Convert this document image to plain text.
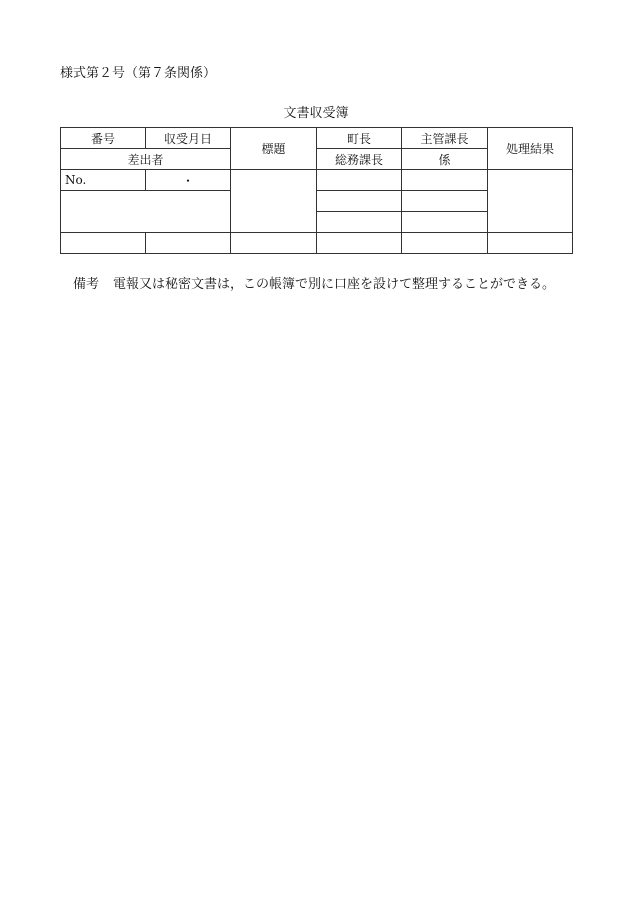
様式第２号（第７条関係）
文書収受簿
番号	収受月日	標題	町長	主管課長	処理結果
差出者			総務課長	係	
No.	・				

備考 電報又は秘密文書は，この帳簿で別に口座を設けて整理することができる。
